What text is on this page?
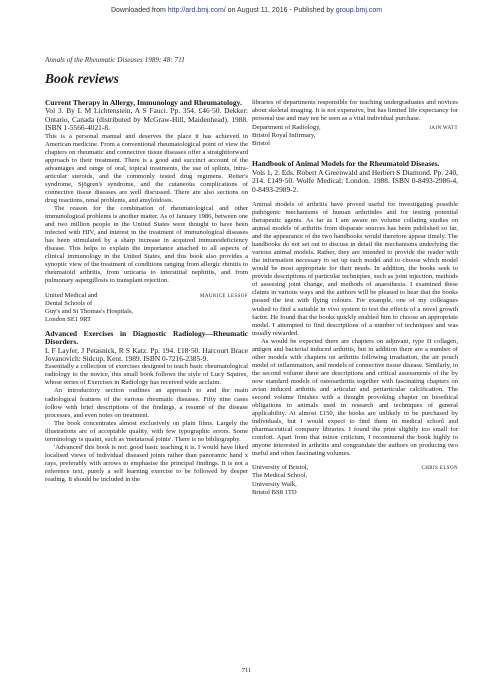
Downloaded from http://ard.bmj.com/ on August 11, 2016 - Published by group.bmj.com
Annals of the Rheumatic Diseases 1989; 48: 711
Book reviews

Current Therapy in Allergy, Immunology and Rheumatology.

Vol 3. By L M Lichtenstein, A S Fauci. Pp. 354. £46·50. Dekker: Ontario, Canada (distributed by McGraw-Hill, Maidenhead). 1988. ISBN 1-5566-4021-8.

This is a personal manual and deserves the place it has achieved in American medicine. From a conventional rheumatological point of view the chapters on rheumatic and connective tissue diseases offer a straightforward approach to their treatment. There is a good and succinct account of the advantages and range of oral, topical treatments, the use of splints, intra-articular steroids, and the commonly tested drug regimens. Reiter's syndrome, Sjögren's syndrome, and the cutaneous complications of connective tissue diseases are well discussed. There are also sections on drug reactions, renal problems, and amyloidosis.

The reason for the combination of rheumatological and other immunological problems is another matter. As of January 1986, between one and two million people in the United States were thought to have been infected with HIV, and interest in the treatment of immunological diseases has been stimulated by a sharp increase in acquired immunodeficiency disease. This helps to explain the importance attached to all aspects of clinical immunology in the United States, and this book also provides a synoptic view of the treatment of conditions ranging from allergic rhinitis to rheumatoid arthritis, from urticaria to interstitial nephritis, and from pulmonary aspergillosis to transplant rejection.

United Medical and

Dental Schools of

Guy's and St Thomas's Hospitals,

London SE1 9RT

MAURICE LESSOF

Advanced Exercises in Diagnostic Radiology—Rheumatic Disorders.

L F Layfer, J Petasnick, R S Katz. Pp. 194. £18·50. Harcourt Brace Jovanovich: Sidcup, Kent. 1989. ISBN 0-7216-2385-9.

Essentially a collection of exercises designed to teach basic rheumatological radiology to the novice, this small book follows the style of Lucy Squires, whose series of Exercises in Radiology has received wide acclaim.

An introductory section outlines an approach to and the main radiological features of the various rheumatic diseases. Fifty nine cases follow with brief descriptions of the findings, a resumé of the disease processes, and even notes on treatment.

The book concentrates almost exclusively on plain films. Largely the illustrations are of acceptable quality, with few typographic errors. Some terminology is quaint, such as 'metatarsal joints'. There is no bibliography.

'Advanced' this book is not: good basic teaching it is. I would have liked localised views of individual diseased joints rather than panoramic hand x rays, preferably with arrows to emphasise the principal findings. It is not a reference text, purely a self learning exercise to be followed by deeper reading. It should be included in the

libraries of departments responsible for teaching undergraduates and novices about skeletal imaging. It is not expensive, but has limited life expectancy for personal use and may not be seen as a vital individual purchase.

Department of Radiology,

Bristol Royal Infirmary,

Bristol

IAIN WATT

Handbook of Animal Models for the Rheumatoid Diseases.

Vols 1, 2. Eds. Robert A Greenwald and Herbert S Diamond. Pp. 240, 214. £149·50. Wolfe Medical: London. 1988. ISBN 0-8493-2986-4, 0-8493-2989-2.

Animal models of arthritis have proved useful for investigating possible pathogenic mechanisms of human arthritides and for testing potential therapeutic agents. As far as I am aware no volume collating studies on animal models of arthritis from disparate sources has been published so far, and the appearance of the two handbooks would therefore appear timely. The handbooks do not set out to discuss in detail the mechanisms underlying the various animal models. Rather, they are intended to provide the reader with the information necessary to set up each model and to choose which model would be most appropriate for their needs. In addition, the books seek to provide descriptions of particular techniques, such as joint injection, methods of assessing joint change, and methods of anaesthesia. I examined these claims in various ways and the authors will be pleased to hear that the books passed the test with flying colours. For example, one of my colleagues wished to find a suitable in vivo system to test the effects of a novel growth factor. He found that the books quickly enabled him to choose an appropriate model. I attempted to find descriptions of a number of techniques and was usually rewarded.

As would be expected there are chapters on adjuvant, type II collagen, antigen and bacterial induced arthritis, but in addition there are a number of other models with chapters on arthritis following irradiation, the air pouch model of inflammation, and models of connective tissue disease. Similarly, in the second volume there are descriptions and critical assessments of the by now standard models of osteoarthritis together with fascinating chapters on avian induced arthritis and articular and periarticular calcification. The second volume finishes with a thought provoking chapter on bioethical obligations to animals used in research and techniques of general applicability. At almost £150, the books are unlikely to be purchased by individuals, but I would expect to find them in medical school and pharmaceutical company libraries. I found the print slightly too small for comfort. Apart from that minor criticism, I recommend the book highly to anyone interested in arthritis and congratulate the authors on producing two useful and often fascinating volumes.

University of Bristol,

The Medical School,

University Walk,

Bristol BS8 1TD

CHRIS ELSON
711
